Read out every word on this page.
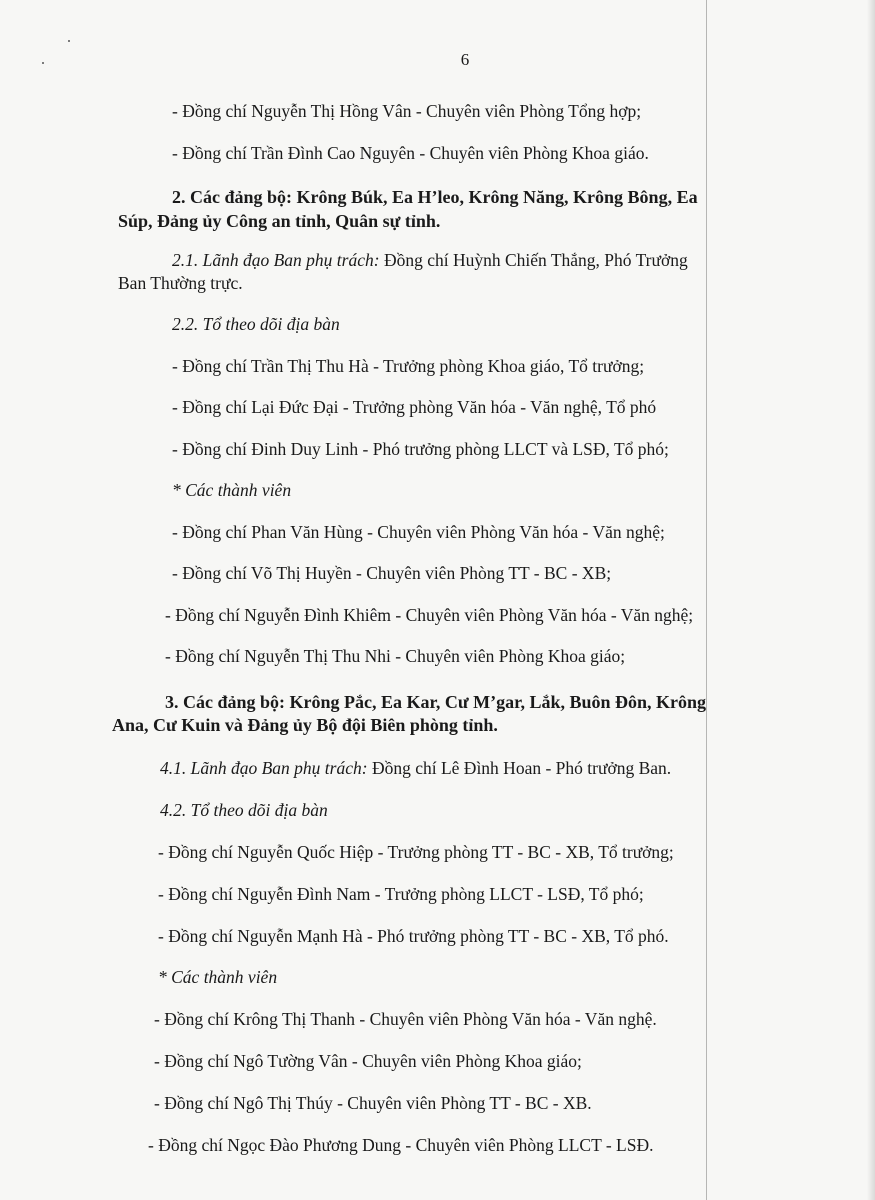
6
- Đồng chí Nguyễn Thị Hồng Vân - Chuyên viên Phòng Tổng hợp;
- Đồng chí Trần Đình Cao Nguyên - Chuyên viên Phòng Khoa giáo.
2. Các đảng bộ: Krông Búk, Ea H’leo, Krông Năng, Krông Bông, Ea
Súp, Đảng ủy Công an tỉnh, Quân sự tỉnh.
2.1. Lãnh đạo Ban phụ trách: Đồng chí Huỳnh Chiến Thắng, Phó Trưởng
Ban Thường trực.
2.2. Tổ theo dõi địa bàn
- Đồng chí Trần Thị Thu Hà - Trưởng phòng Khoa giáo, Tổ trưởng;
- Đồng chí Lại Đức Đại - Trưởng phòng Văn hóa - Văn nghệ, Tổ phó
- Đồng chí Đinh Duy Linh - Phó trưởng phòng LLCT và LSĐ, Tổ phó;
* Các thành viên
- Đồng chí Phan Văn Hùng - Chuyên viên Phòng Văn hóa - Văn nghệ;
- Đồng chí Võ Thị Huyền - Chuyên viên Phòng TT - BC - XB;
- Đồng chí Nguyễn Đình Khiêm - Chuyên viên Phòng Văn hóa - Văn nghệ;
- Đồng chí Nguyễn Thị Thu Nhi - Chuyên viên Phòng Khoa giáo;
3. Các đảng bộ: Krông Pắc, Ea Kar, Cư M’gar, Lắk, Buôn Đôn, Krông
Ana, Cư Kuin và Đảng ủy Bộ đội Biên phòng tỉnh.
4.1. Lãnh đạo Ban phụ trách: Đồng chí Lê Đình Hoan - Phó trưởng Ban.
4.2. Tổ theo dõi địa bàn
- Đồng chí Nguyễn Quốc Hiệp - Trưởng phòng TT - BC - XB, Tổ trưởng;
- Đồng chí Nguyễn Đình Nam - Trưởng phòng LLCT - LSĐ, Tổ phó;
- Đồng chí Nguyễn Mạnh Hà - Phó trưởng phòng TT - BC - XB, Tổ phó.
* Các thành viên
- Đồng chí Krông Thị Thanh - Chuyên viên Phòng Văn hóa - Văn nghệ.
- Đồng chí Ngô Tường Vân - Chuyên viên Phòng Khoa giáo;
- Đồng chí Ngô Thị Thúy - Chuyên viên Phòng TT - BC - XB.
- Đồng chí Ngọc Đào Phương Dung - Chuyên viên Phòng LLCT - LSĐ.
